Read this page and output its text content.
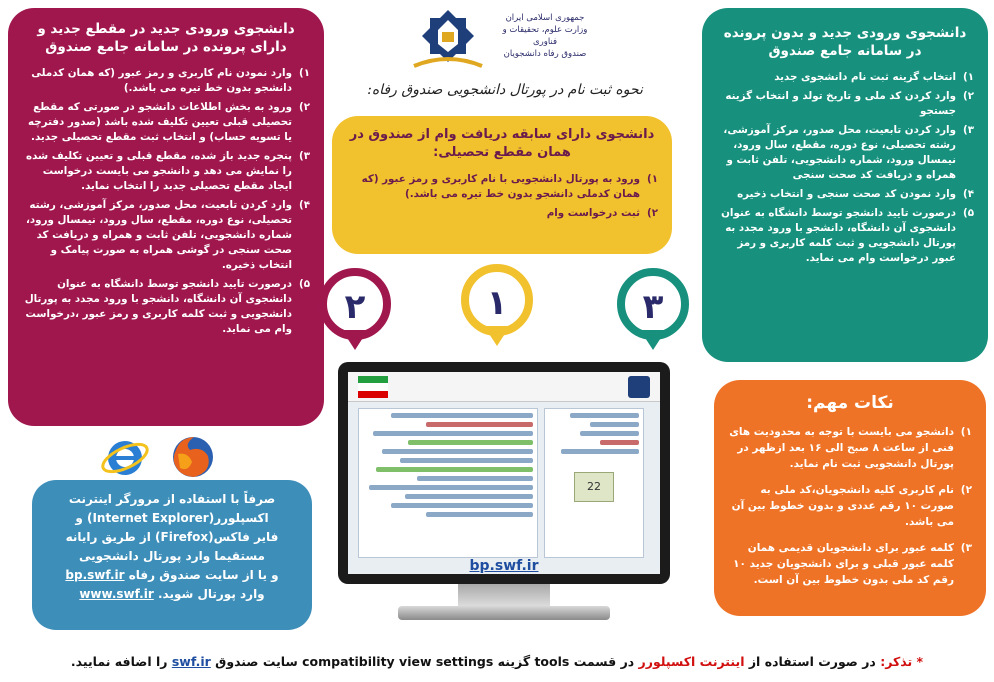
جمهوری اسلامی ایران
وزارت علوم، تحقیقات و فناوری
صندوق رفاه دانشجویان
نحوه ثبت نام در پورتال دانشجویی صندوق رفاه:
دانشجوی ورودی جدید در مقطع جدید و دارای پرونده در سامانه جامع صندوق
۱)
وارد نمودن نام کاربری و رمز عبور (که همان کدملی دانشجو بدون خط تیره می باشد.)
۲)
ورود به بخش اطلاعات دانشجو در صورتی که مقطع تحصیلی قبلی تعیین تکلیف شده باشد (صدور دفترچه یا تسویه حساب) و انتخاب ثبت مقطع تحصیلی جدید.
۳)
پنجره جدید باز شده، مقطع قبلی و تعیین تکلیف شده را نمایش می دهد و دانشجو می بایست درخواست ایجاد مقطع تحصیلی جدید را انتخاب نماید.
۴)
وارد کردن تابعیت، محل صدور، مرکز آموزشی، رشته تحصیلی، نوع دوره، مقطع، سال ورود، نیمسال ورود، شماره دانشجویی، تلفن ثابت و همراه و دریافت کد صحت سنجی در گوشی همراه به صورت پیامک و انتخاب ذخیره.
۵)
درصورت تایید دانشجو توسط دانشگاه به عنوان دانشجوی آن دانشگاه، دانشجو با ورود مجدد به پورتال دانشجویی و ثبت کلمه کاربری و رمز عبور ،درخواست وام می نماید.
دانشجوی دارای سابقه دریافت وام از صندوق در همان مقطع تحصیلی:
۱)
ورود به پورتال دانشجویی با نام کاربری و رمز عبور (که همان کدملی دانشجو بدون خط تیره می باشد.)
۲)
ثبت درخواست وام
دانشجوی ورودی جدید و بدون پرونده در سامانه جامع صندوق
۱)
انتخاب گزینه ثبت نام دانشجوی جدید
۲)
وارد کردن کد ملی و تاریخ تولد و انتخاب گزینه جستجو
۳)
وارد کردن تابعیت، محل صدور، مرکز آموزشی، رشته تحصیلی، نوع دوره، مقطع، سال ورود، نیمسال ورود، شماره دانشجویی، تلفن ثابت و همراه و دریافت کد صحت سنجی
۴)
وارد نمودن کد صحت سنجی و انتخاب ذخیره
۵)
درصورت تایید دانشجو توسط دانشگاه به عنوان دانشجوی آن دانشگاه، دانشجو با ورود مجدد به پورتال دانشجویی و ثبت کلمه کاربری و رمز عبور درخواست وام می نماید.
نکات مهم:
۱)
دانشجو می بایست با توجه به محدودیت های فنی از ساعت ۸ صبح الی ۱۶ بعد ازظهر در پورتال دانشجویی ثبت نام نماید.
۲)
نام کاربری کلیه دانشجویان،کد ملی به صورت ۱۰ رقم عددی و بدون خطوط بین آن می باشد.
۳)
کلمه عبور برای دانشجویان قدیمی همان کلمه عبور قبلی و برای دانشجویان جدید ۱۰ رقم کد ملی بدون خطوط بین آن است.
صرفاً با استفاده از مرورگر اینترنت
اکسپلورر(Internet Explorer) و
فایر فاکس(Firefox) از طریق رایانه
مستقیما وارد پورتال دانشجویی
و یا از سایت صندوق رفاه bp.swf.ir
وارد پورتال شوید. www.swf.ir
۲	۱	۳
22
bp.swf.ir
* تذکر: در صورت استفاده از اینترنت اکسپلورر در قسمت tools گزینه compatibility view settings سایت صندوق swf.ir را اضافه نمایید.
